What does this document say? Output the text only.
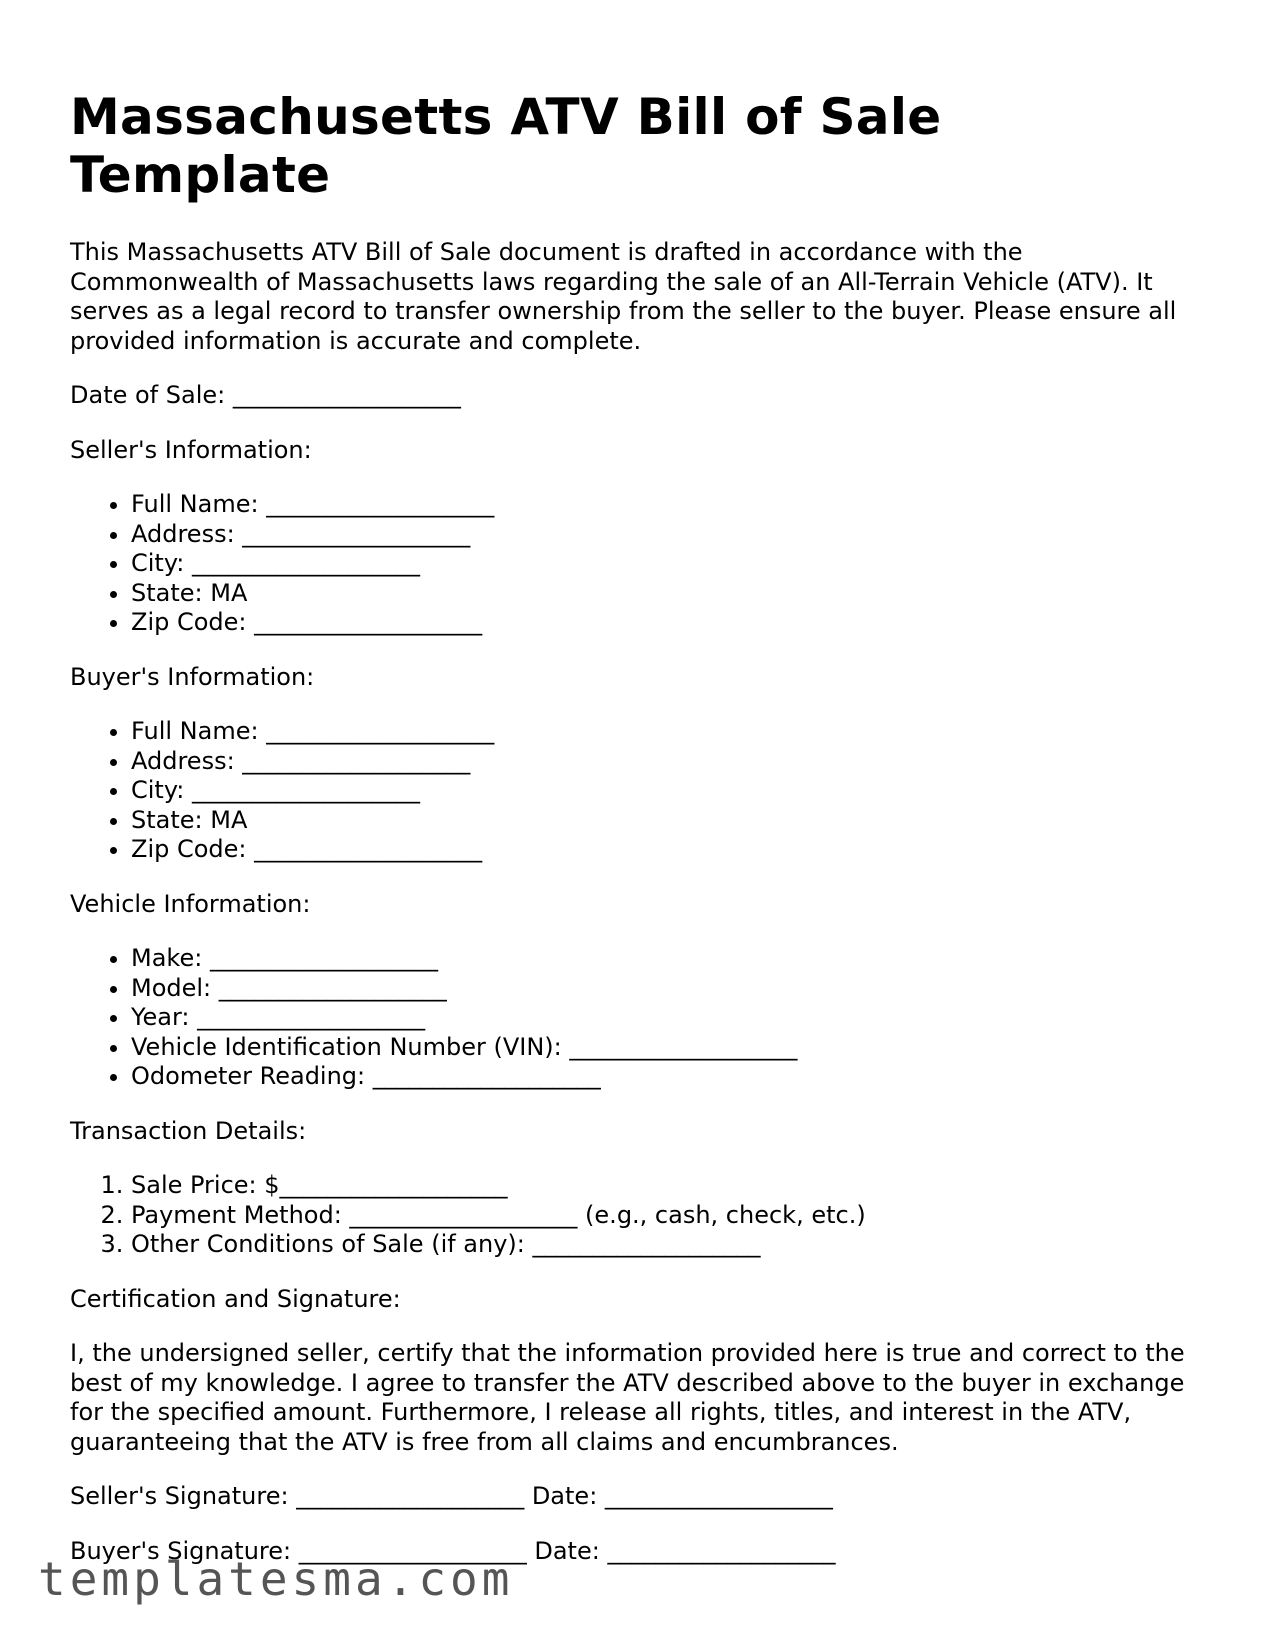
Massachusetts ATV Bill of Sale Template

This Massachusetts ATV Bill of Sale document is drafted in accordance with the Commonwealth of Massachusetts laws regarding the sale of an All-Terrain Vehicle (ATV). It serves as a legal record to transfer ownership from the seller to the buyer. Please ensure all provided information is accurate and complete.

Date of Sale: ___________________

Seller's Information:

• Full Name: ___________________
• Address: ___________________
• City: ___________________
• State: MA
• Zip Code: ___________________

Buyer's Information:

• Full Name: ___________________
• Address: ___________________
• City: ___________________
• State: MA
• Zip Code: ___________________

Vehicle Information:

• Make: ___________________
• Model: ___________________
• Year: ___________________
• Vehicle Identification Number (VIN): ___________________
• Odometer Reading: ___________________

Transaction Details:

1. Sale Price: $___________________
2. Payment Method: ___________________ (e.g., cash, check, etc.)
3. Other Conditions of Sale (if any): ___________________

Certification and Signature:

I, the undersigned seller, certify that the information provided here is true and correct to the best of my knowledge. I agree to transfer the ATV described above to the buyer in exchange for the specified amount. Furthermore, I release all rights, titles, and interest in the ATV, guaranteeing that the ATV is free from all claims and encumbrances.

Seller's Signature: ___________________ Date: ___________________

Buyer's Signature: ___________________ Date: ___________________

templatesma.com
